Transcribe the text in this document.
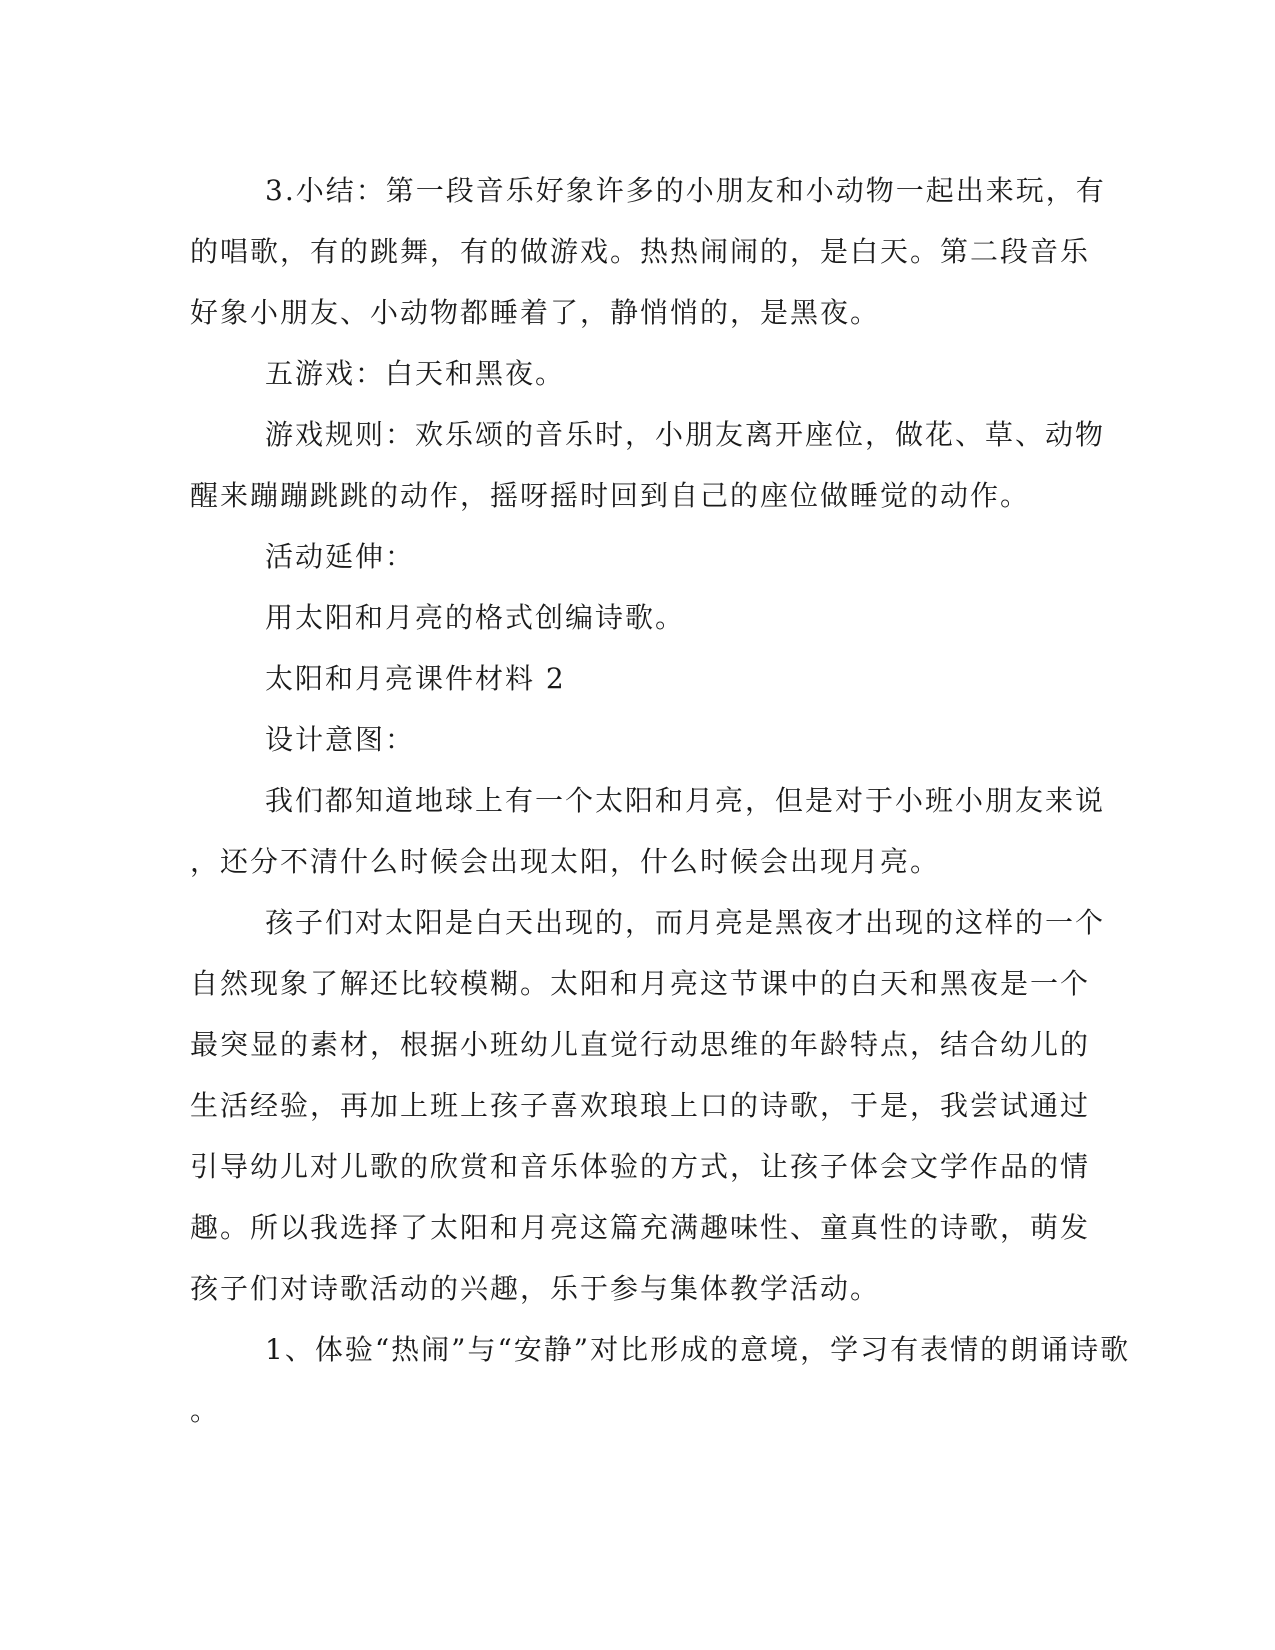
3.小结：第一段音乐好象许多的小朋友和小动物一起出来玩，有
的唱歌，有的跳舞，有的做游戏。热热闹闹的，是白天。第二段音乐
好象小朋友、小动物都睡着了，静悄悄的，是黑夜。
五游戏：白天和黑夜。
游戏规则：欢乐颂的音乐时，小朋友离开座位，做花、草、动物
醒来蹦蹦跳跳的动作，摇呀摇时回到自己的座位做睡觉的动作。
活动延伸：
用太阳和月亮的格式创编诗歌。
太阳和月亮课件材料 2
设计意图：
我们都知道地球上有一个太阳和月亮，但是对于小班小朋友来说
，还分不清什么时候会出现太阳，什么时候会出现月亮。
孩子们对太阳是白天出现的，而月亮是黑夜才出现的这样的一个
自然现象了解还比较模糊。太阳和月亮这节课中的白天和黑夜是一个
最突显的素材，根据小班幼儿直觉行动思维的年龄特点，结合幼儿的
生活经验，再加上班上孩子喜欢琅琅上口的诗歌，于是，我尝试通过
引导幼儿对儿歌的欣赏和音乐体验的方式，让孩子体会文学作品的情
趣。所以我选择了太阳和月亮这篇充满趣味性、童真性的诗歌，萌发
孩子们对诗歌活动的兴趣，乐于参与集体教学活动。
1、体验“热闹”与“安静”对比形成的意境，学习有表情的朗诵诗歌
。
